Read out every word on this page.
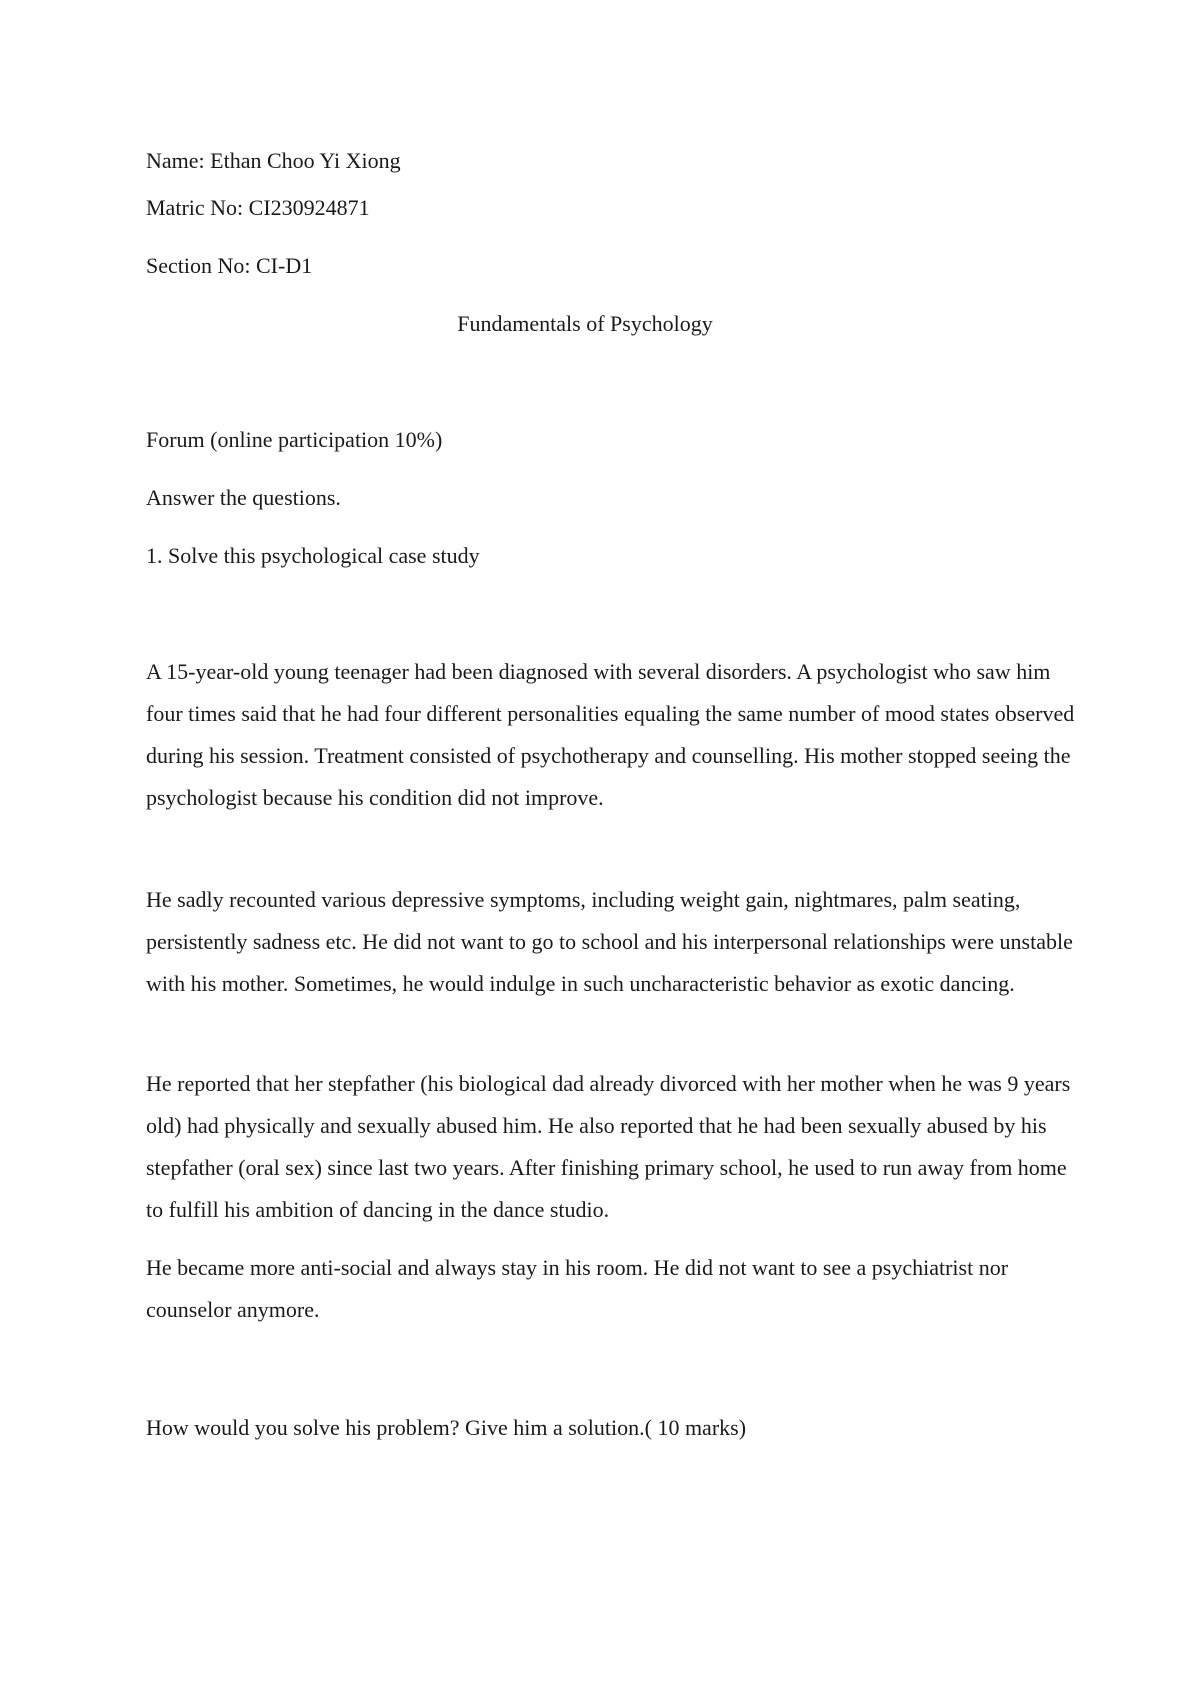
Name: Ethan Choo Yi Xiong

Matric No: CI230924871

Section No: CI-D1

Fundamentals of Psychology

Forum (online participation 10%)

Answer the questions.

1. Solve this psychological case study

A 15-year-old young teenager had been diagnosed with several disorders. A psychologist who saw him four times said that he had four different personalities equaling the same number of mood states observed during his session. Treatment consisted of psychotherapy and counselling. His mother stopped seeing the psychologist because his condition did not improve.

He sadly recounted various depressive symptoms, including weight gain, nightmares, palm seating, persistently sadness etc. He did not want to go to school and his interpersonal relationships were unstable with his mother. Sometimes, he would indulge in such uncharacteristic behavior as exotic dancing.

He reported that her stepfather (his biological dad already divorced with her mother when he was 9 years old) had physically and sexually abused him. He also reported that he had been sexually abused by his stepfather (oral sex) since last two years. After finishing primary school, he used to run away from home to fulfill his ambition of dancing in the dance studio.

He became more anti-social and always stay in his room. He did not want to see a psychiatrist nor counselor anymore.

How would you solve his problem? Give him a solution.( 10 marks)
